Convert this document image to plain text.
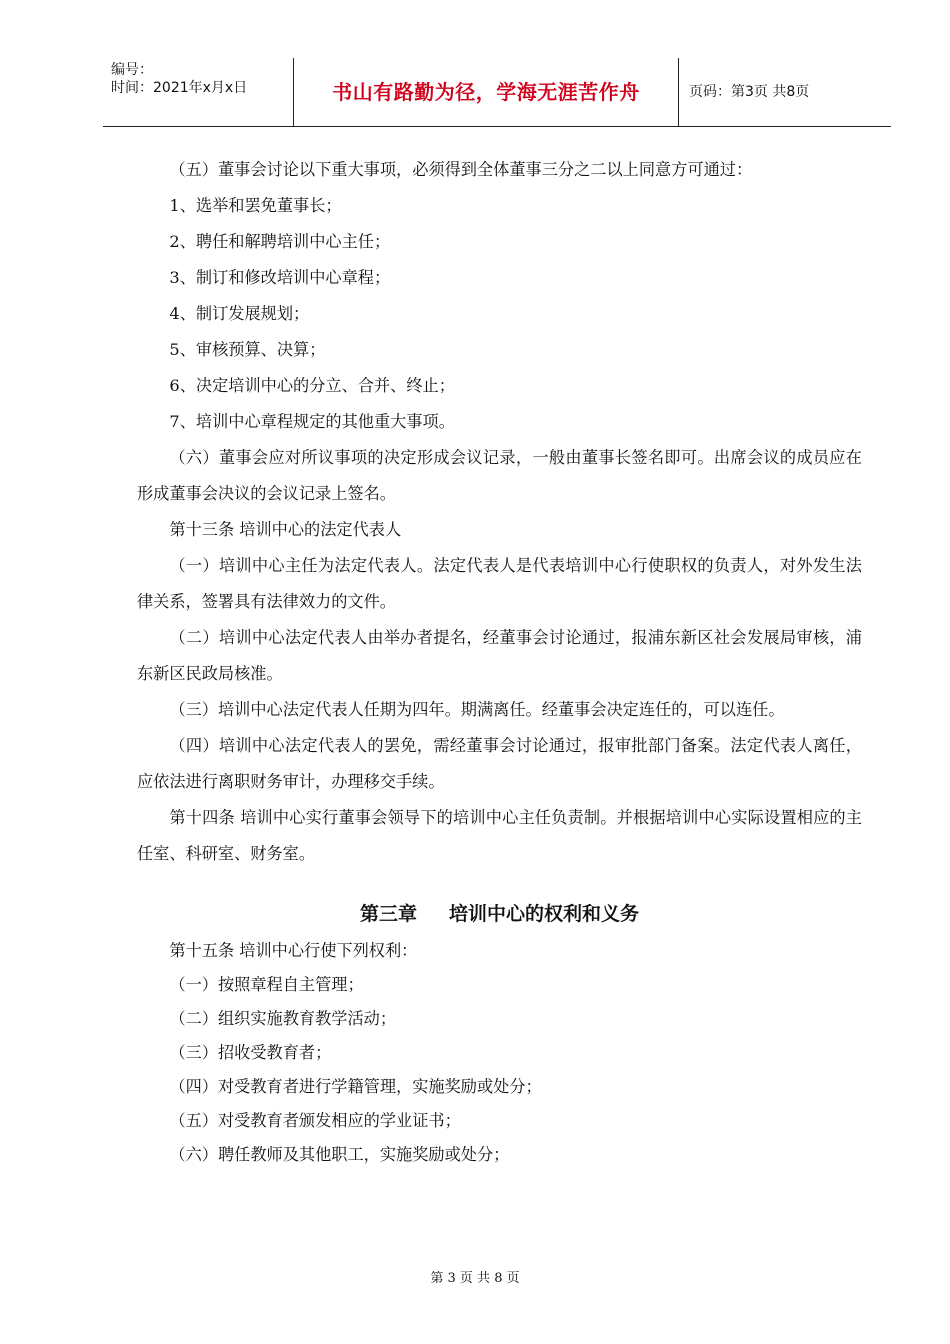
编号：
时间：2021年x月x日	书山有路勤为径，学海无涯苦作舟	页码：第3页 共8页

（五）董事会讨论以下重大事项，必须得到全体董事三分之二以上同意方可通过：

1、选举和罢免董事长；

2、聘任和解聘培训中心主任；

3、制订和修改培训中心章程；

4、制订发展规划；

5、审核预算、决算；

6、决定培训中心的分立、合并、终止；

7、培训中心章程规定的其他重大事项。

（六）董事会应对所议事项的决定形成会议记录，一般由董事长签名即可。出席会议的成员应在形成董事会决议的会议记录上签名。

第十三条 培训中心的法定代表人

（一）培训中心主任为法定代表人。法定代表人是代表培训中心行使职权的负责人，对外发生法律关系，签署具有法律效力的文件。

（二）培训中心法定代表人由举办者提名，经董事会讨论通过，报浦东新区社会发展局审核，浦东新区民政局核准。

（三）培训中心法定代表人任期为四年。期满离任。经董事会决定连任的，可以连任。

（四）培训中心法定代表人的罢免，需经董事会讨论通过，报审批部门备案。法定代表人离任，应依法进行离职财务审计，办理移交手续。

第十四条 培训中心实行董事会领导下的培训中心主任负责制。并根据培训中心实际设置相应的主任室、科研室、财务室。

第三章 培训中心的权利和义务

第十五条 培训中心行使下列权利：

（一）按照章程自主管理；

（二）组织实施教育教学活动；

（三）招收受教育者；

（四）对受教育者进行学籍管理，实施奖励或处分；

（五）对受教育者颁发相应的学业证书；

（六）聘任教师及其他职工，实施奖励或处分；

第 3 页 共 8 页
